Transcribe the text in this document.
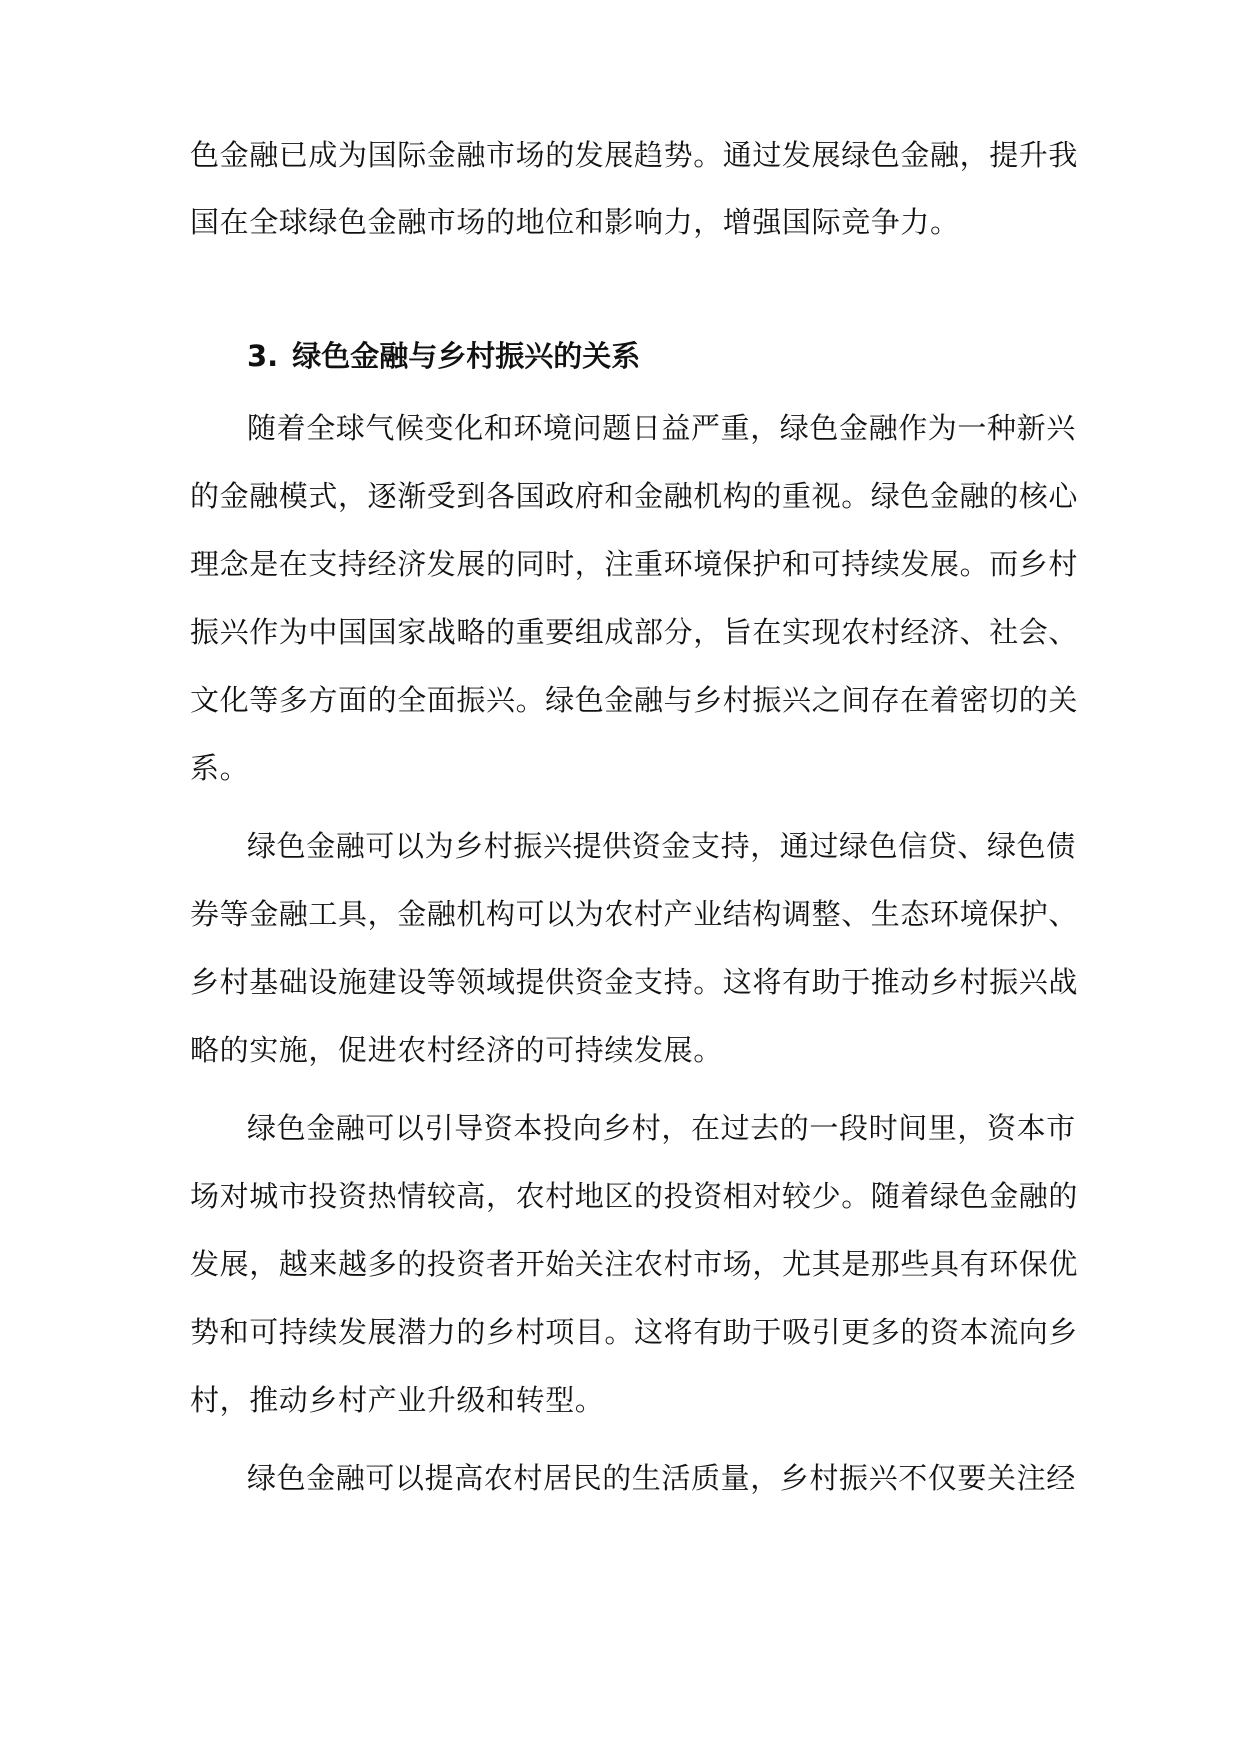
色金融已成为国际金融市场的发展趋势。通过发展绿色金融，提升我
国在全球绿色金融市场的地位和影响力，增强国际竞争力。
3. 绿色金融与乡村振兴的关系
随着全球气候变化和环境问题日益严重，绿色金融作为一种新兴
的金融模式，逐渐受到各国政府和金融机构的重视。绿色金融的核心
理念是在支持经济发展的同时，注重环境保护和可持续发展。而乡村
振兴作为中国国家战略的重要组成部分，旨在实现农村经济、社会、
文化等多方面的全面振兴。绿色金融与乡村振兴之间存在着密切的关
系。
绿色金融可以为乡村振兴提供资金支持，通过绿色信贷、绿色债
券等金融工具，金融机构可以为农村产业结构调整、生态环境保护、
乡村基础设施建设等领域提供资金支持。这将有助于推动乡村振兴战
略的实施，促进农村经济的可持续发展。
绿色金融可以引导资本投向乡村，在过去的一段时间里，资本市
场对城市投资热情较高，农村地区的投资相对较少。随着绿色金融的
发展，越来越多的投资者开始关注农村市场，尤其是那些具有环保优
势和可持续发展潜力的乡村项目。这将有助于吸引更多的资本流向乡
村，推动乡村产业升级和转型。
绿色金融可以提高农村居民的生活质量，乡村振兴不仅要关注经
